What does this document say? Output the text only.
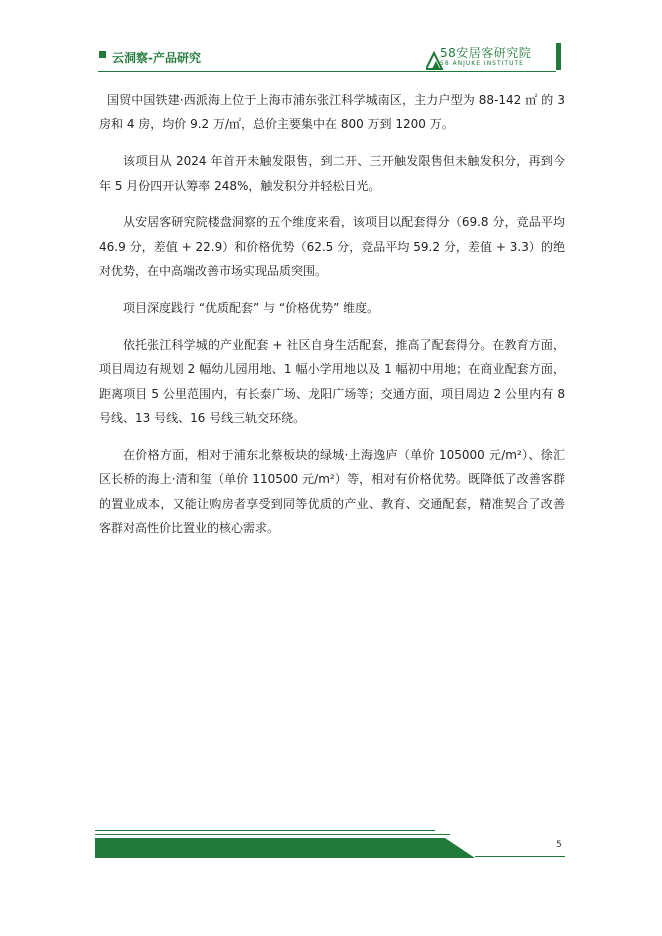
云洞察-产品研究	58安居客研究院
58 ANJUKE INSTITUTE

国贸中国铁建·西派海上位于上海市浦东张江科学城南区，主力户型为 88-142 ㎡ 的 3 房和 4 房，均价 9.2 万/㎡，总价主要集中在 800 万到 1200 万。

该项目从 2024 年首开未触发限售，到二开、三开触发限售但未触发积分，再到今年 5 月份四开认筹率 248%，触发积分并轻松日光。

从安居客研究院楼盘洞察的五个维度来看，该项目以配套得分（69.8 分，竞品平均 46.9 分，差值 + 22.9）和价格优势（62.5 分，竞品平均 59.2 分，差值 + 3.3）的绝对优势，在中高端改善市场实现品质突围。

项目深度践行 “优质配套” 与 “价格优势” 维度。

依托张江科学城的产业配套 + 社区自身生活配套，推高了配套得分。在教育方面，项目周边有规划 2 幅幼儿园用地、1 幅小学用地以及 1 幅初中用地；在商业配套方面，距离项目 5 公里范围内，有长泰广场、龙阳广场等；交通方面，项目周边 2 公里内有 8 号线、13 号线、16 号线三轨交环绕。

在价格方面，相对于浦东北蔡板块的绿城·上海逸庐（单价 105000 元/m²）、徐汇区长桥的海上·清和玺（单价 110500 元/m²）等，相对有价格优势。既降低了改善客群的置业成本，又能让购房者享受到同等优质的产业、教育、交通配套，精准契合了改善客群对高性价比置业的核心需求。

5
